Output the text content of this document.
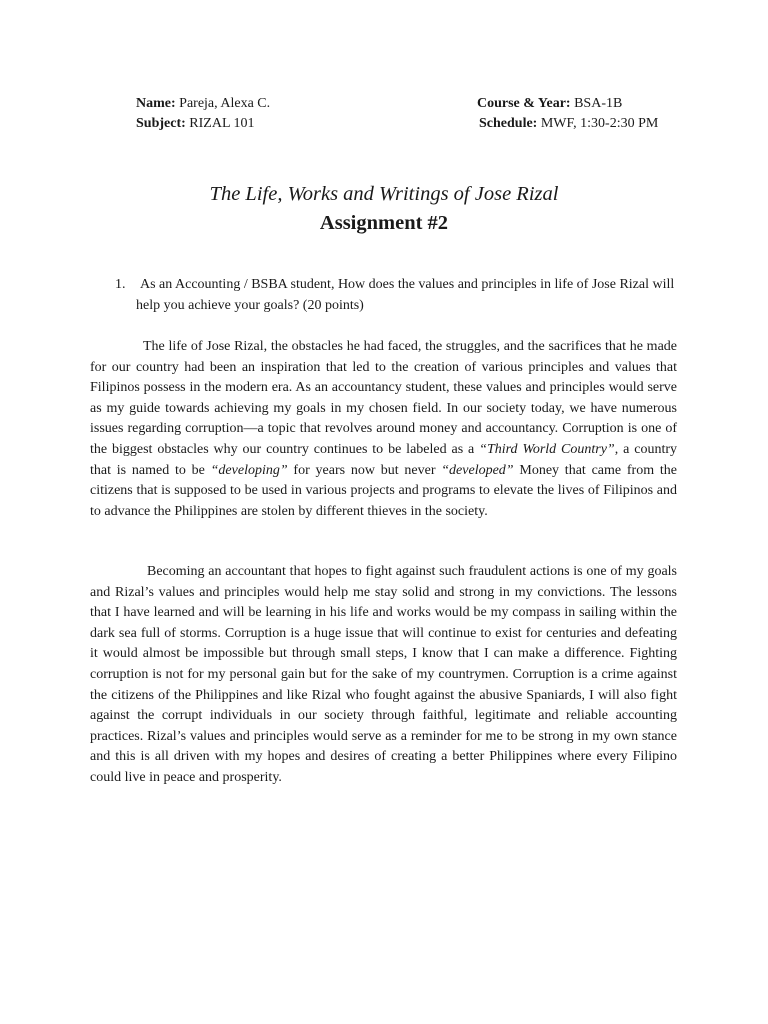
Name: Pareja, Alexa C.
Subject: RIZAL 101
Course & Year: BSA-1B
Schedule: MWF, 1:30-2:30 PM
The Life, Works and Writings of Jose Rizal
Assignment #2
1. As an Accounting / BSBA student, How does the values and principles in life of Jose Rizal will help you achieve your goals? (20 points)

The life of Jose Rizal, the obstacles he had faced, the struggles, and the sacrifices that he made for our country had been an inspiration that led to the creation of various principles and values that Filipinos possess in the modern era. As an accountancy student, these values and principles would serve as my guide towards achieving my goals in my chosen field. In our society today, we have numerous issues regarding corruption—a topic that revolves around money and accountancy. Corruption is one of the biggest obstacles why our country continues to be labeled as a “Third World Country”, a country that is named to be “developing” for years now but never “developed” Money that came from the citizens that is supposed to be used in various projects and programs to elevate the lives of Filipinos and to advance the Philippines are stolen by different thieves in the society.

Becoming an accountant that hopes to fight against such fraudulent actions is one of my goals and Rizal’s values and principles would help me stay solid and strong in my convictions. The lessons that I have learned and will be learning in his life and works would be my compass in sailing within the dark sea full of storms. Corruption is a huge issue that will continue to exist for centuries and defeating it would almost be impossible but through small steps, I know that I can make a difference. Fighting corruption is not for my personal gain but for the sake of my countrymen. Corruption is a crime against the citizens of the Philippines and like Rizal who fought against the abusive Spaniards, I will also fight against the corrupt individuals in our society through faithful, legitimate and reliable accounting practices. Rizal’s values and principles would serve as a reminder for me to be strong in my own stance and this is all driven with my hopes and desires of creating a better Philippines where every Filipino could live in peace and prosperity.
